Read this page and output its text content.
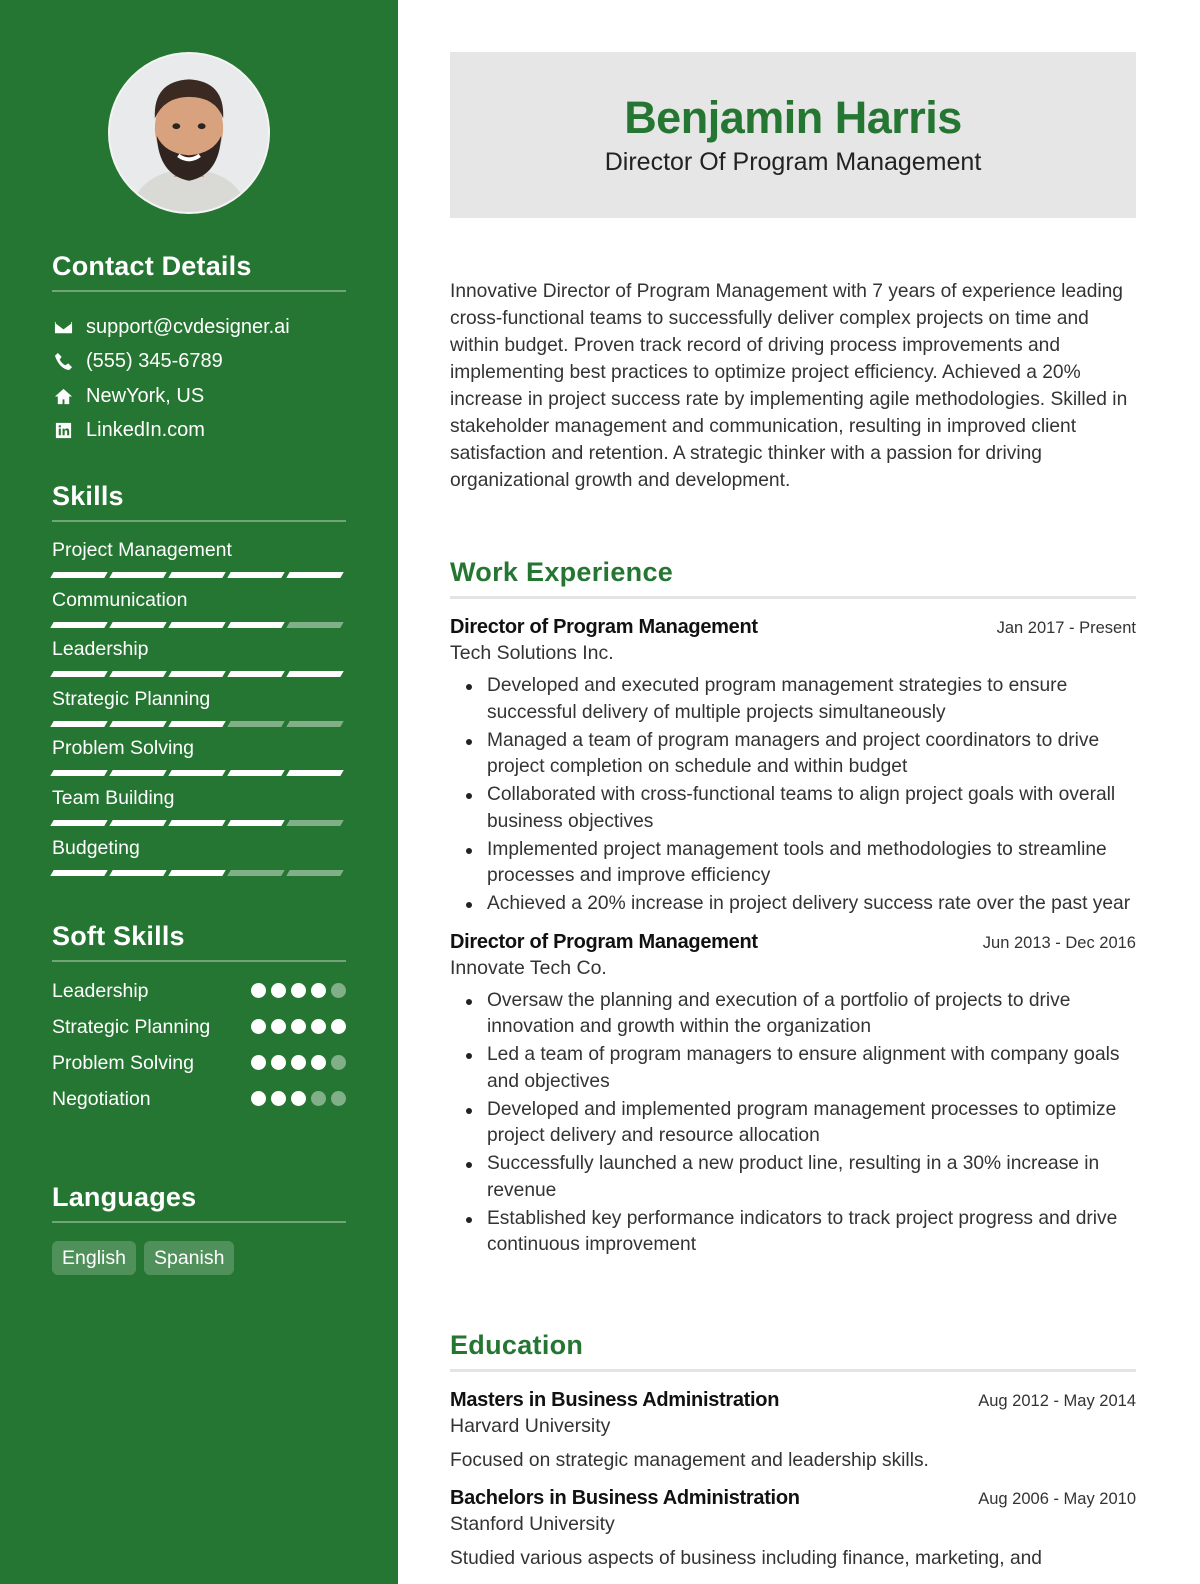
Contact Details
support@cvdesigner.ai
(555) 345-6789
NewYork, US
LinkedIn.com
Skills
Project Management
Communication
Leadership
Strategic Planning
Problem Solving
Team Building
Budgeting
Soft Skills
Leadership
Strategic Planning
Problem Solving
Negotiation
Languages
English	Spanish
Benjamin Harris
Director Of Program Management

Innovative Director of Program Management with 7 years of experience leading cross-functional teams to successfully deliver complex projects on time and within budget. Proven track record of driving process improvements and implementing best practices to optimize project efficiency. Achieved a 20% increase in project success rate by implementing agile methodologies. Skilled in stakeholder management and communication, resulting in improved client satisfaction and retention. A strategic thinker with a passion for driving organizational growth and development.

Work Experience
Director of Program Management	Jan 2017 - Present
Tech Solutions Inc.
Developed and executed program management strategies to ensure successful delivery of multiple projects simultaneously
Managed a team of program managers and project coordinators to drive project completion on schedule and within budget
Collaborated with cross-functional teams to align project goals with overall business objectives
Implemented project management tools and methodologies to streamline processes and improve efficiency
Achieved a 20% increase in project delivery success rate over the past year
Director of Program Management	Jun 2013 - Dec 2016
Innovate Tech Co.
Oversaw the planning and execution of a portfolio of projects to drive innovation and growth within the organization
Led a team of program managers to ensure alignment with company goals and objectives
Developed and implemented program management processes to optimize project delivery and resource allocation
Successfully launched a new product line, resulting in a 30% increase in revenue
Established key performance indicators to track project progress and drive continuous improvement
Education
Masters in Business Administration	Aug 2012 - May 2014
Harvard University
Focused on strategic management and leadership skills.
Bachelors in Business Administration	Aug 2006 - May 2010
Stanford University
Studied various aspects of business including finance, marketing, and
